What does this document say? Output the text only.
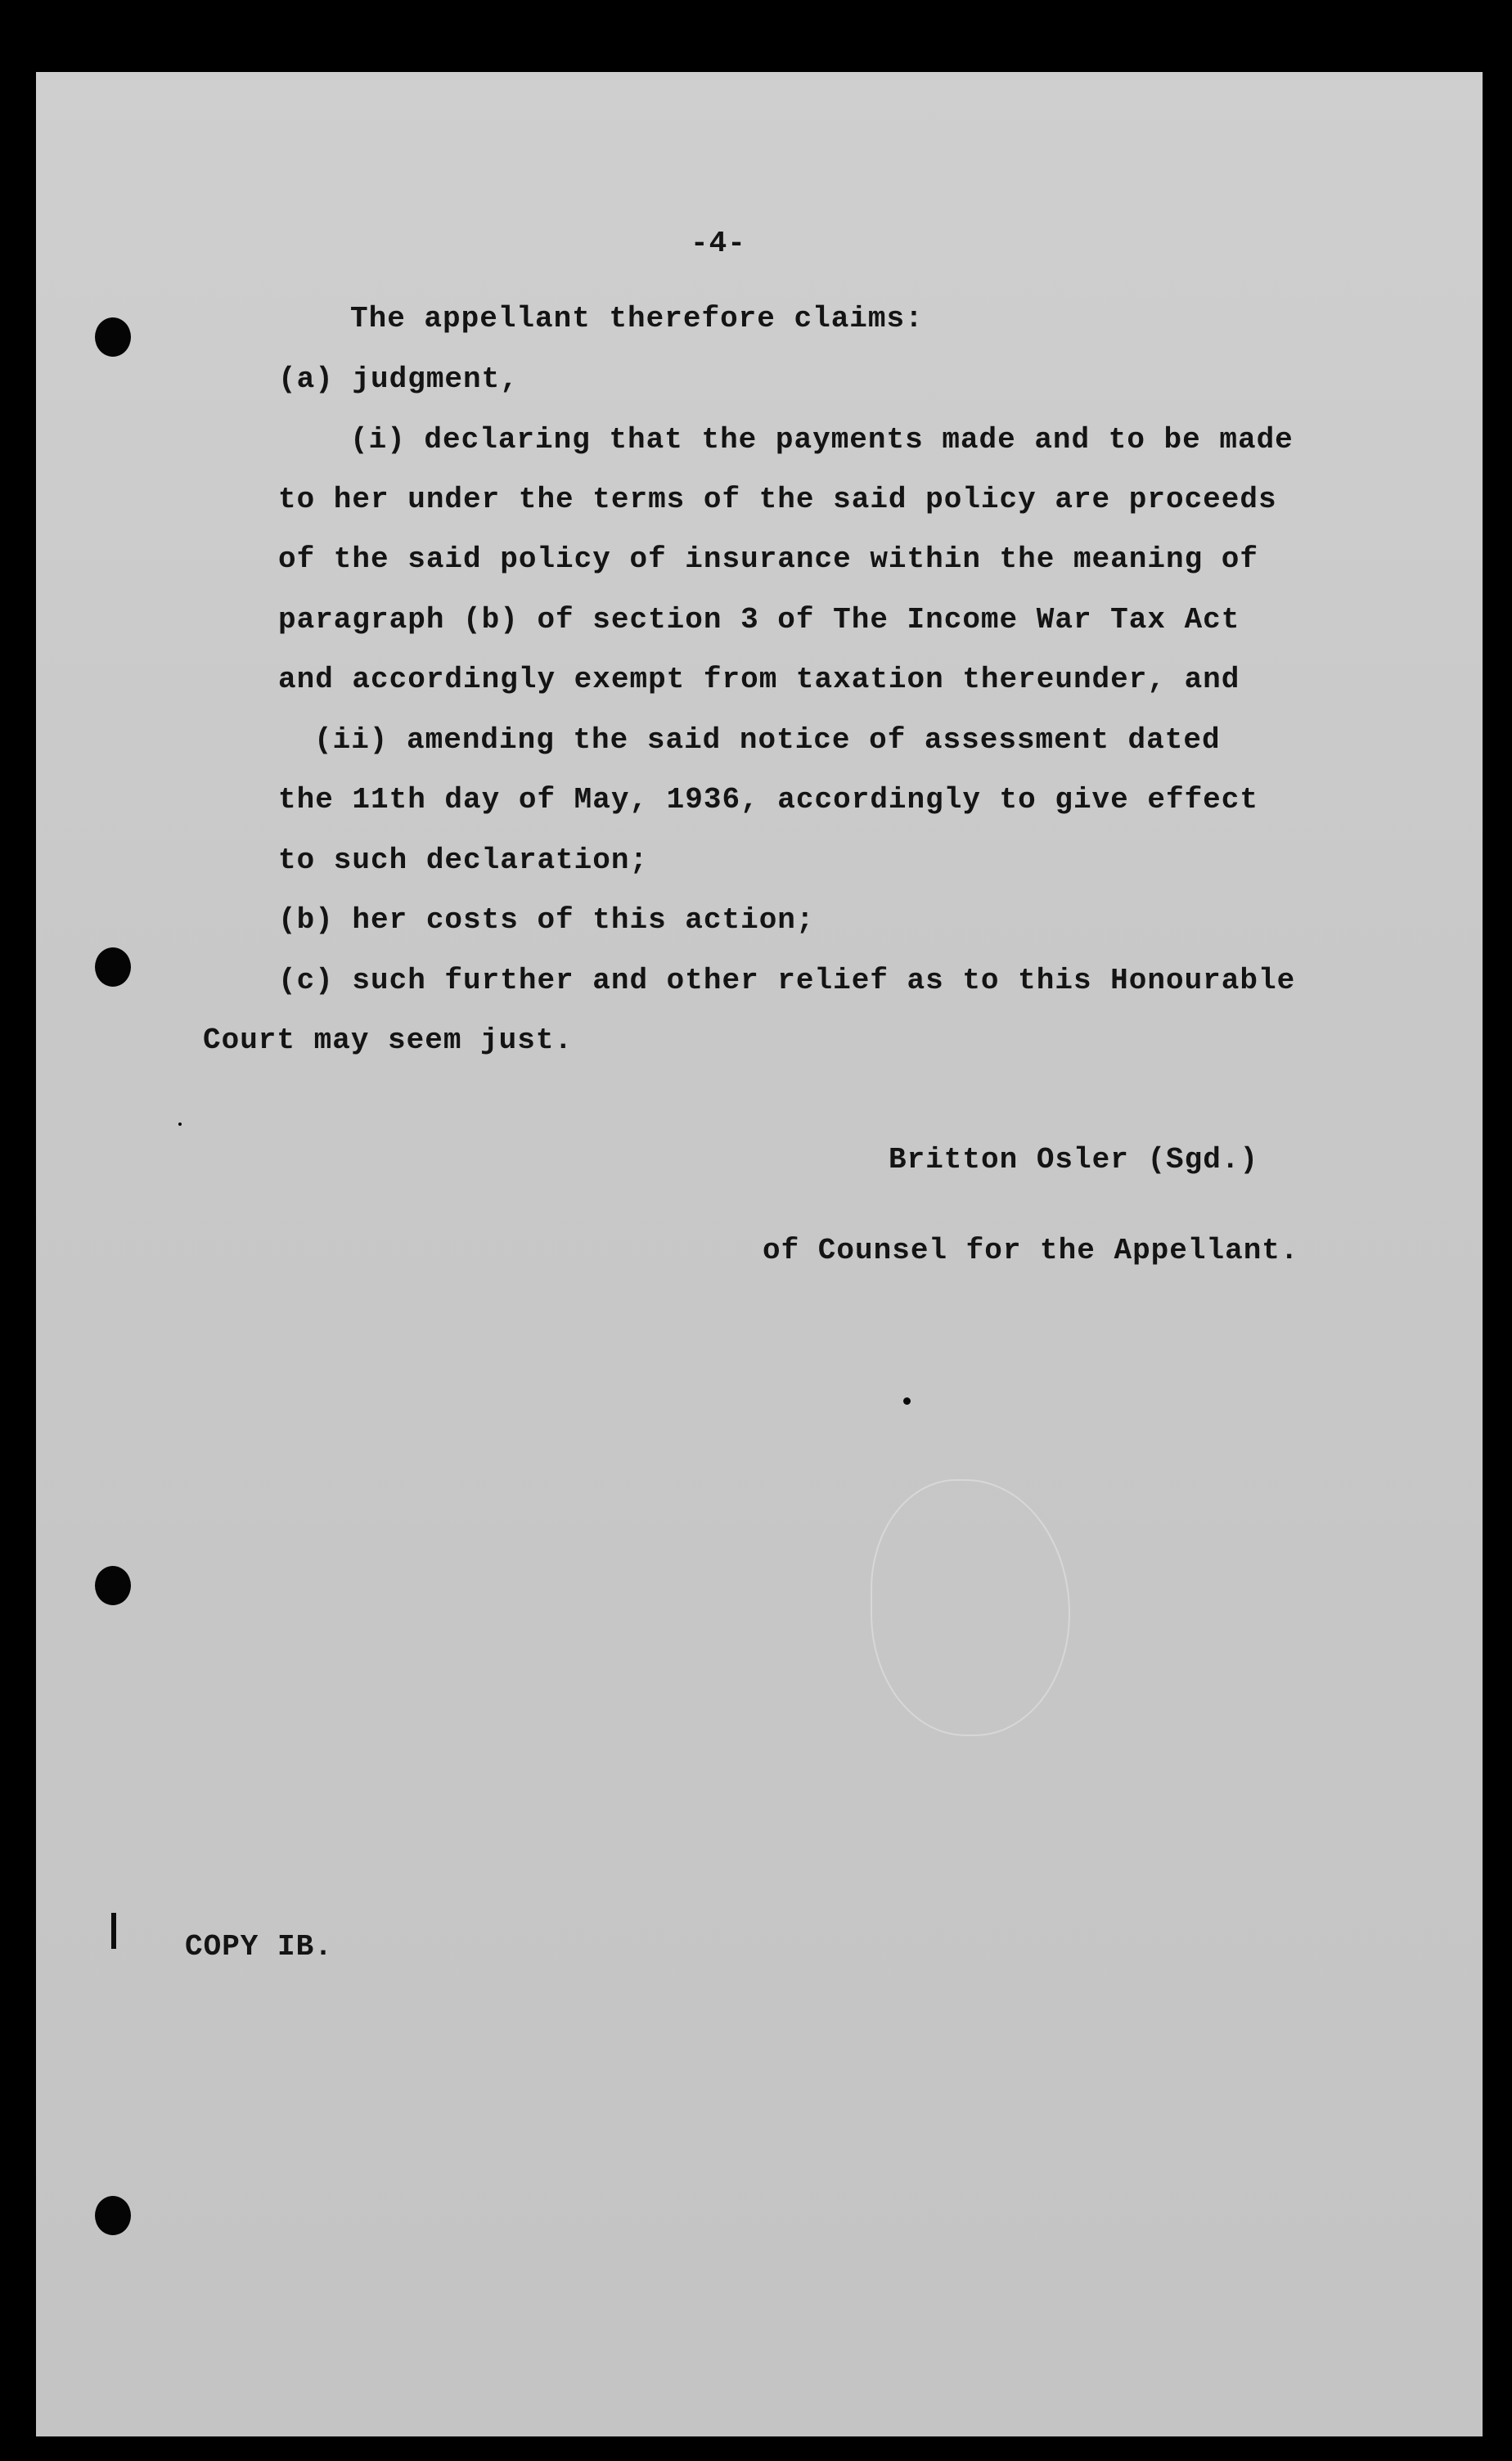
-4-
The appellant therefore claims:
(a) judgment,
(i) declaring that the payments made and to be made
to her under the terms of the said policy are proceeds
of the said policy of insurance within the meaning of
paragraph (b) of section 3 of The Income War Tax Act
and accordingly exempt from taxation thereunder, and
(ii) amending the said notice of assessment dated
the 11th day of May, 1936, accordingly to give effect
to such declaration;
(b) her costs of this action;
(c) such further and other relief as to this Honourable
Court may seem just.
Britton Osler (Sgd.)
of Counsel for the Appellant.
COPY IB.
